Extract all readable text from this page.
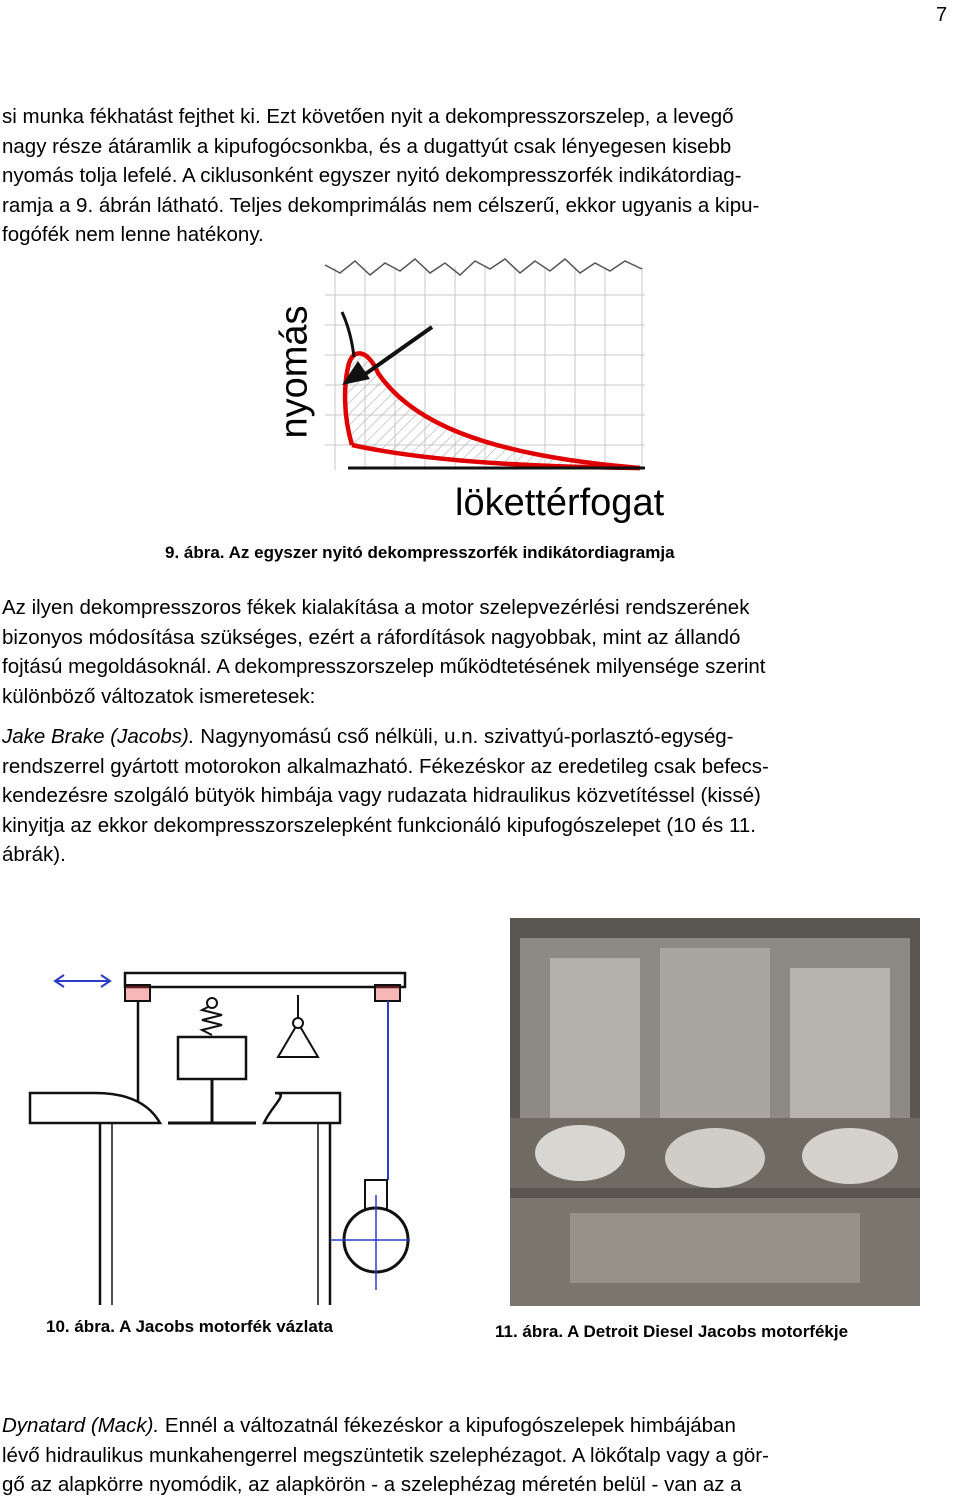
7
si munka fékhatást fejthet ki. Ezt követően nyit a dekompresszorszelep, a levegő
nagy része átáramlik a kipufogócsonkba, és a dugattyút csak lényegesen kisebb
nyomás tolja lefelé. A ciklusonként egyszer nyitó dekompresszorfék indikátordiag-
ramja a 9. ábrán látható. Teljes dekomprimálás nem célszerű, ekkor ugyanis a kipu-
fogófék nem lenne hatékony.
nyomás
lökettérfogat
9. ábra. Az egyszer nyitó dekompresszorfék indikátordiagramja
Az ilyen dekompresszoros fékek kialakítása a motor szelepvezérlési rendszerének
bizonyos módosítása szükséges, ezért a ráfordítások nagyobbak, mint az állandó
fojtású megoldásoknál. A dekompresszorszelep működtetésének milyensége szerint
különböző változatok ismeretesek:
Jake Brake (Jacobs). Nagynyomású cső nélküli, u.n. szivattyú-porlasztó-egység-
rendszerrel gyártott motorokon alkalmazható. Fékezéskor az eredetileg csak befecs-
kendezésre szolgáló bütyök himbája vagy rudazata hidraulikus közvetítéssel (kissé)
kinyitja az ekkor dekompresszorszelepként funkcionáló kipufogószelepet (10 és 11.
ábrák).
10. ábra. A Jacobs motorfék vázlata	11. ábra. A Detroit Diesel Jacobs motorfékje
Dynatard (Mack). Ennél a változatnál fékezéskor a kipufogószelepek himbájában
lévő hidraulikus munkahengerrel megszüntetik szelephézagot. A lökőtalp vagy a gör-
gő az alapkörre nyomódik, az alapkörön - a szelephézag méretén belül - van az a
